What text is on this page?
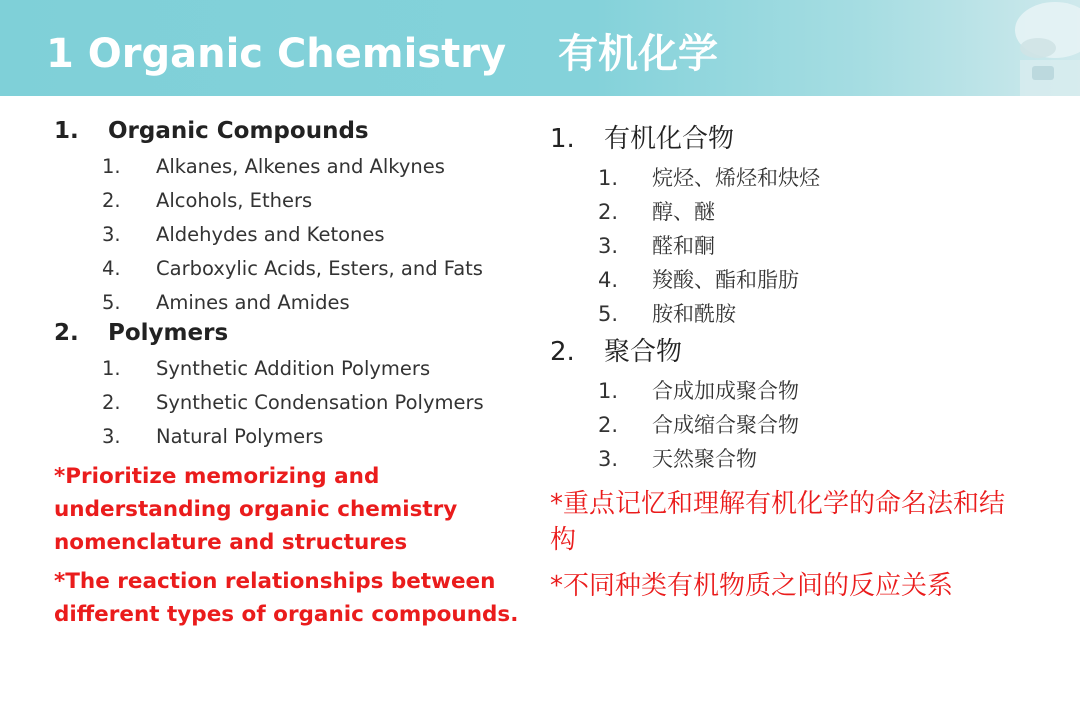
1 Organic Chemistry 有机化学
1.	Organic Compounds
1.	Alkanes, Alkenes and Alkynes
2.	Alcohols, Ethers
3.	Aldehydes and Ketones
4.	Carboxylic Acids, Esters, and Fats
5.	Amines and Amides
2.	Polymers
1.	Synthetic Addition Polymers
2.	Synthetic Condensation Polymers
3.	Natural Polymers
*Prioritize memorizing and understanding organic chemistry nomenclature and structures
*The reaction relationships between different types of organic compounds.
1.	有机化合物
1.	烷烃、烯烃和炔烃
2.	醇、醚
3.	醛和酮
4.	羧酸、酯和脂肪
5.	胺和酰胺
2.	聚合物
1.	合成加成聚合物
2.	合成缩合聚合物
3.	天然聚合物
*重点记忆和理解有机化学的命名法和结构
*不同种类有机物质之间的反应关系
